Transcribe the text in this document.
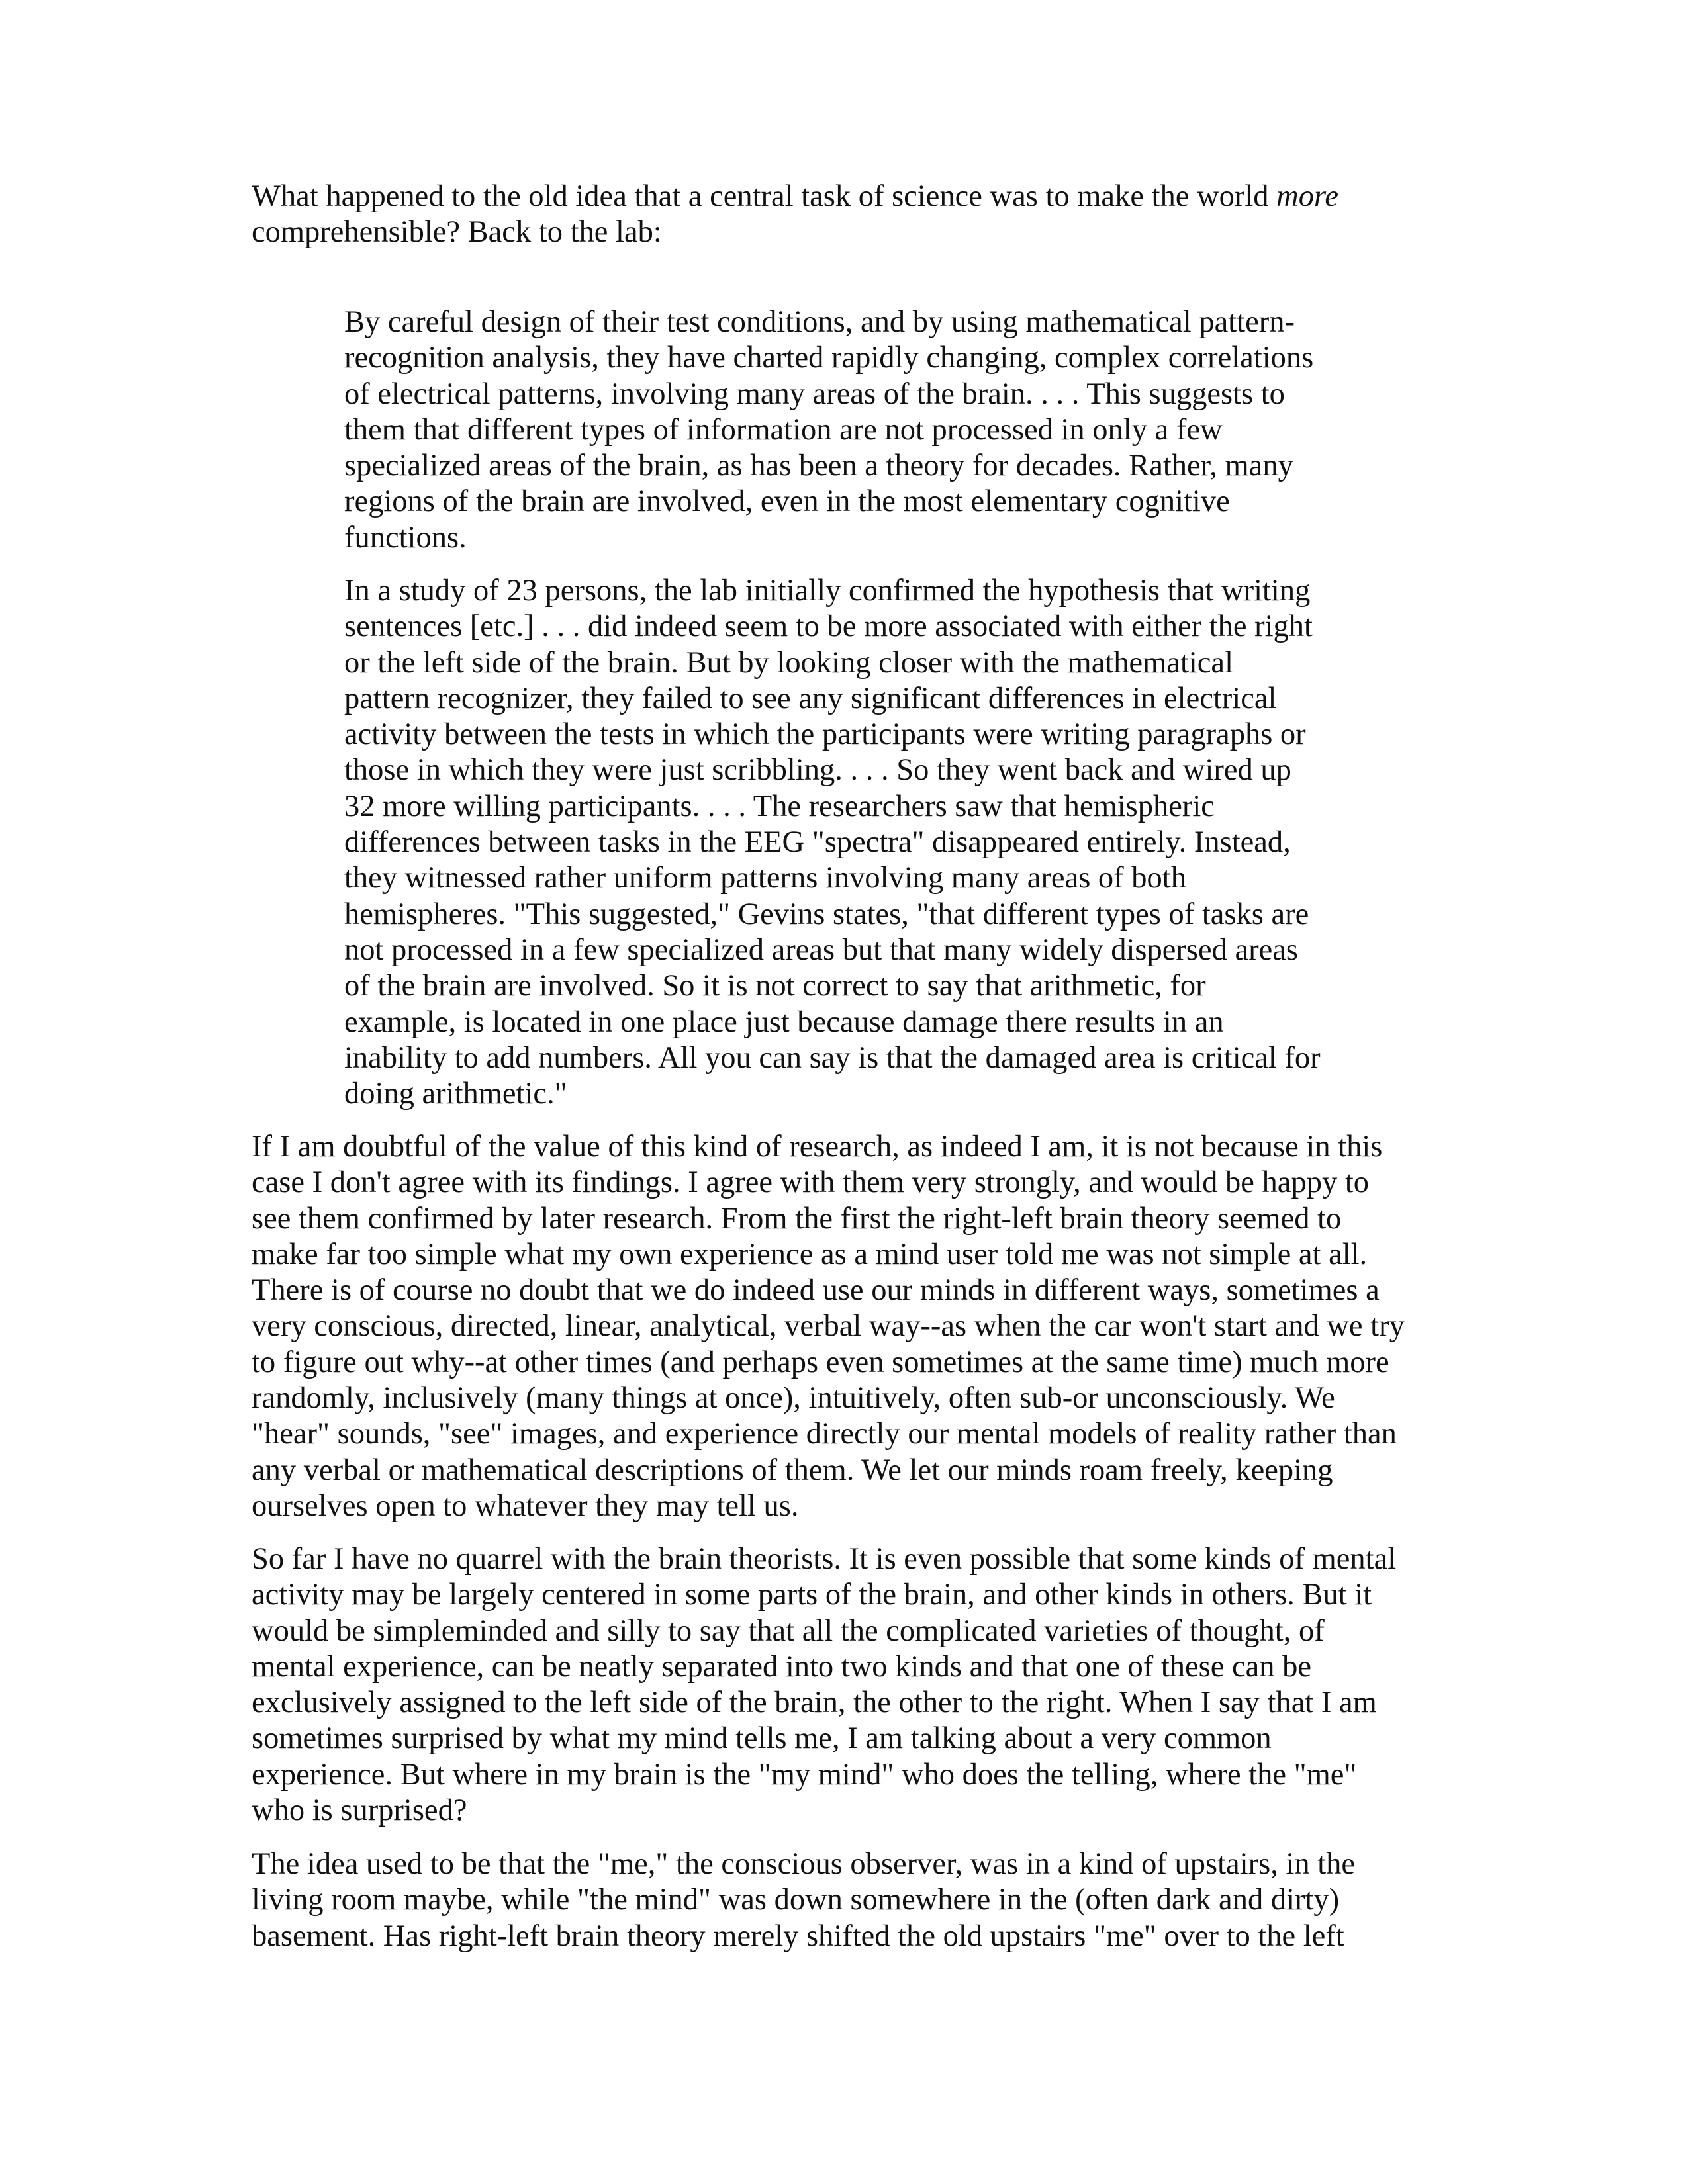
What happened to the old idea that a central task of science was to make the world more
comprehensible? Back to the lab:

By careful design of their test conditions, and by using mathematical pattern-
recognition analysis, they have charted rapidly changing, complex correlations
of electrical patterns, involving many areas of the brain. . . . This suggests to
them that different types of information are not processed in only a few
specialized areas of the brain, as has been a theory for decades. Rather, many
regions of the brain are involved, even in the most elementary cognitive
functions.
In a study of 23 persons, the lab initially confirmed the hypothesis that writing
sentences [etc.] . . . did indeed seem to be more associated with either the right
or the left side of the brain. But by looking closer with the mathematical
pattern recognizer, they failed to see any significant differences in electrical
activity between the tests in which the participants were writing paragraphs or
those in which they were just scribbling. . . . So they went back and wired up
32 more willing participants. . . . The researchers saw that hemispheric
differences between tasks in the EEG "spectra" disappeared entirely. Instead,
they witnessed rather uniform patterns involving many areas of both
hemispheres. "This suggested," Gevins states, "that different types of tasks are
not processed in a few specialized areas but that many widely dispersed areas
of the brain are involved. So it is not correct to say that arithmetic, for
example, is located in one place just because damage there results in an
inability to add numbers. All you can say is that the damaged area is critical for
doing arithmetic."
If I am doubtful of the value of this kind of research, as indeed I am, it is not because in this
case I don't agree with its findings. I agree with them very strongly, and would be happy to
see them confirmed by later research. From the first the right-left brain theory seemed to
make far too simple what my own experience as a mind user told me was not simple at all.
There is of course no doubt that we do indeed use our minds in different ways, sometimes a
very conscious, directed, linear, analytical, verbal way--as when the car won't start and we try
to figure out why--at other times (and perhaps even sometimes at the same time) much more
randomly, inclusively (many things at once), intuitively, often sub-or unconsciously. We
"hear" sounds, "see" images, and experience directly our mental models of reality rather than
any verbal or mathematical descriptions of them. We let our minds roam freely, keeping
ourselves open to whatever they may tell us.
So far I have no quarrel with the brain theorists. It is even possible that some kinds of mental
activity may be largely centered in some parts of the brain, and other kinds in others. But it
would be simpleminded and silly to say that all the complicated varieties of thought, of
mental experience, can be neatly separated into two kinds and that one of these can be
exclusively assigned to the left side of the brain, the other to the right. When I say that I am
sometimes surprised by what my mind tells me, I am talking about a very common
experience. But where in my brain is the "my mind" who does the telling, where the "me"
who is surprised?
The idea used to be that the "me," the conscious observer, was in a kind of upstairs, in the
living room maybe, while "the mind" was down somewhere in the (often dark and dirty)
basement. Has right-left brain theory merely shifted the old upstairs "me" over to the left
